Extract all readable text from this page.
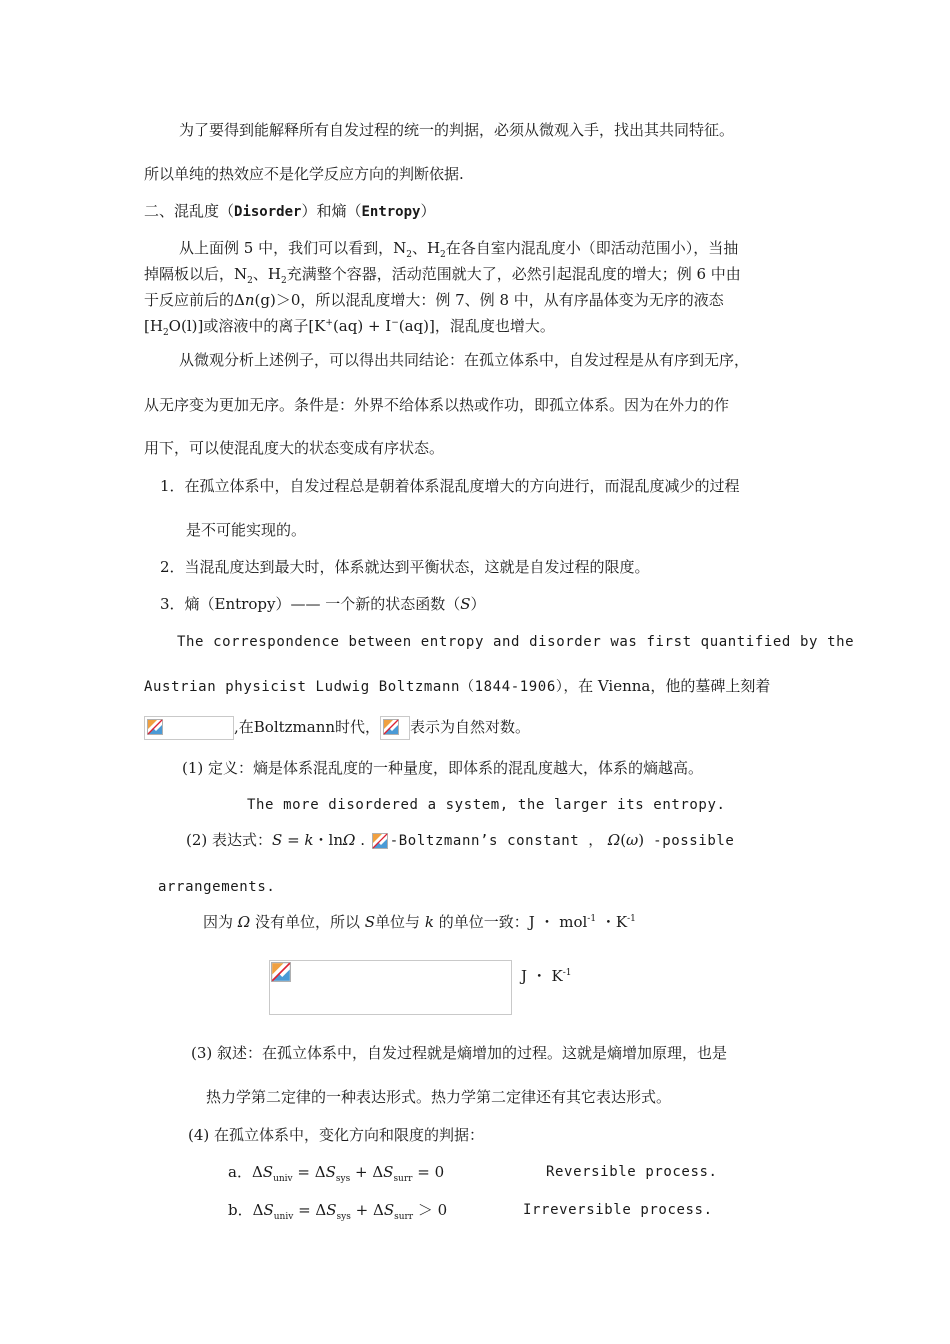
为了要得到能解释所有自发过程的统一的判据，必须从微观入手，找出其共同特征。
所以单纯的热效应不是化学反应方向的判断依据.
二、混乱度（Disorder）和熵（Entropy）
从上面例 5 中，我们可以看到，$N_2$、$H_2$在各自室内混乱度小（即活动范围小），当抽
掉隔板以后，$N_2$、$H_2$充满整个容器，活动范围就大了，必然引起混乱度的增大；例 6 中由
于反应前后的Δn(g)＞0，所以混乱度增大：例 7、例 8 中，从有序晶体变为无序的液态
$[H_2O(l)]$或溶液中的离子[K+(aq) + I−(aq)]，混乱度也增大。
从微观分析上述例子，可以得出共同结论：在孤立体系中，自发过程是从有序到无序，
从无序变为更加无序。条件是：外界不给体系以热或作功，即孤立体系。因为在外力的作
用下，可以使混乱度大的状态变成有序状态。
1．在孤立体系中，自发过程总是朝着体系混乱度增大的方向进行，而混乱度减少的过程
是不可能实现的。
2．当混乱度达到最大时，体系就达到平衡状态，这就是自发过程的限度。
3．熵（Entropy）—— 一个新的状态函数（S）
The correspondence between entropy and disorder was first quantified by the
Austrian physicist Ludwig Boltzmann（1844-1906），在 Vienna，他的墓碑上刻着
,在Boltzmann时代， 表示为自然对数。
(1) 定义：熵是体系混乱度的一种量度，即体系的混乱度越大，体系的熵越高。
The more disordered a system, the larger its entropy.
(2) 表达式：S = k・lnΩ .
-Boltzmann’s constant ， Ω(ω) -possible
arrangements.
因为 Ω 没有单位，所以 S单位与 k 的单位一致：J ・ mol$^{-1}$ ・$K^{-1}$
J ・ $K^{-1}$
(3) 叙述：在孤立体系中，自发过程就是熵增加的过程。这就是熵增加原理，也是
热力学第二定律的一种表达形式。热力学第二定律还有其它表达形式。
(4) 在孤立体系中，变化方向和限度的判据：
a．$\Delta S_{univ} = \Delta S_{sys} + \Delta S_{surr} = 0$	Reversible process.
b．$\Delta S_{univ} = \Delta S_{sys} + \Delta S_{surr} > 0$	Irreversible process.
